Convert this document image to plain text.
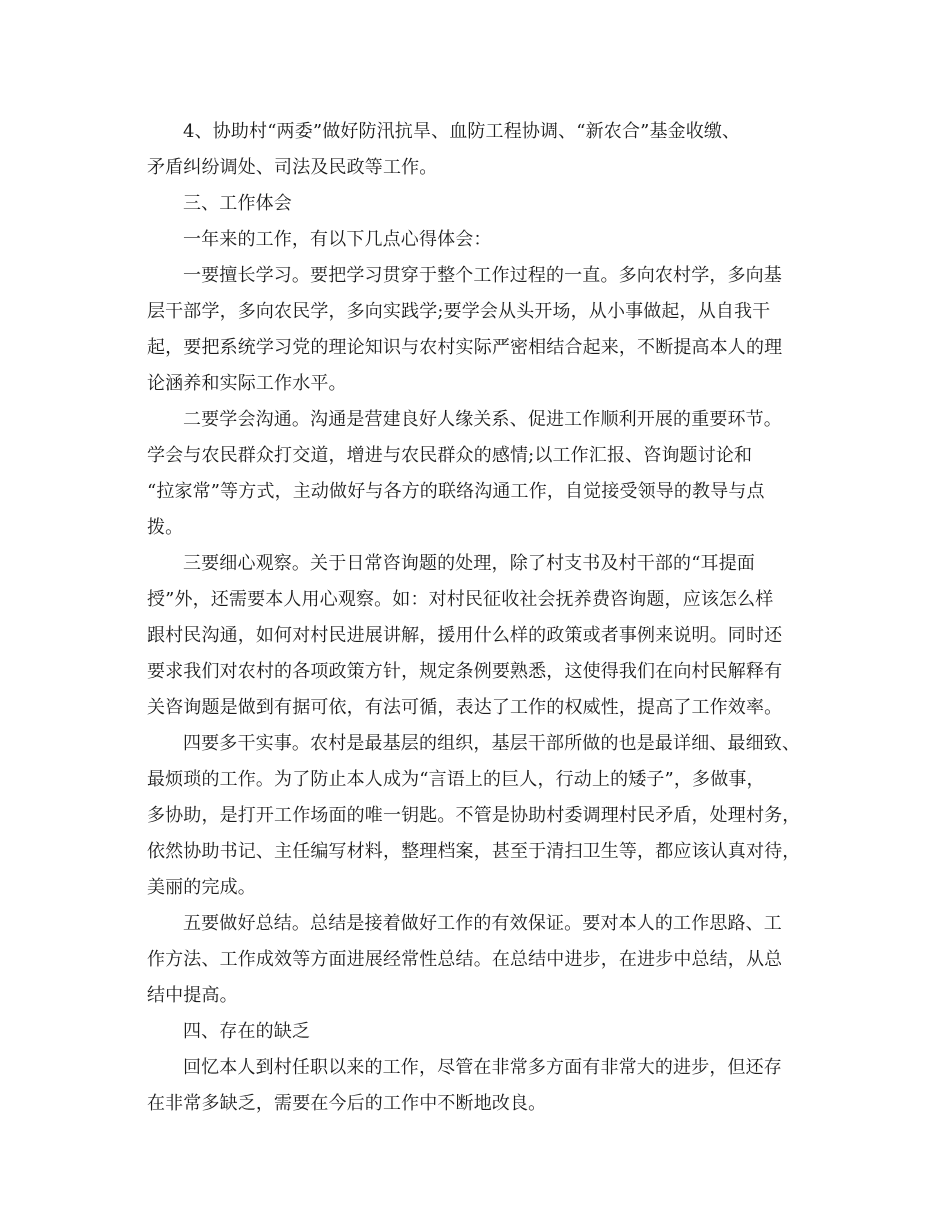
4、协助村“两委”做好防汛抗旱、血防工程协调、“新农合”基金收缴、
矛盾纠纷调处、司法及民政等工作。
三、工作体会
一年来的工作，有以下几点心得体会：
一要擅长学习。要把学习贯穿于整个工作过程的一直。多向农村学，多向基
层干部学，多向农民学，多向实践学;要学会从头开场，从小事做起，从自我干
起，要把系统学习党的理论知识与农村实际严密相结合起来，不断提高本人的理
论涵养和实际工作水平。
二要学会沟通。沟通是营建良好人缘关系、促进工作顺利开展的重要环节。
学会与农民群众打交道，增进与农民群众的感情;以工作汇报、咨询题讨论和
“拉家常”等方式，主动做好与各方的联络沟通工作，自觉接受领导的教导与点
拨。
三要细心观察。关于日常咨询题的处理，除了村支书及村干部的“耳提面
授”外，还需要本人用心观察。如：对村民征收社会抚养费咨询题，应该怎么样
跟村民沟通，如何对村民进展讲解，援用什么样的政策或者事例来说明。同时还
要求我们对农村的各项政策方针，规定条例要熟悉，这使得我们在向村民解释有
关咨询题是做到有据可依，有法可循，表达了工作的权威性，提高了工作效率。
四要多干实事。农村是最基层的组织，基层干部所做的也是最详细、最细致、
最烦琐的工作。为了防止本人成为“言语上的巨人，行动上的矮子”，多做事，
多协助，是打开工作场面的唯一钥匙。不管是协助村委调理村民矛盾，处理村务，
依然协助书记、主任编写材料，整理档案，甚至于清扫卫生等，都应该认真对待，
美丽的完成。
五要做好总结。总结是接着做好工作的有效保证。要对本人的工作思路、工
作方法、工作成效等方面进展经常性总结。在总结中进步，在进步中总结，从总
结中提高。
四、存在的缺乏
回忆本人到村任职以来的工作，尽管在非常多方面有非常大的进步，但还存
在非常多缺乏，需要在今后的工作中不断地改良。
